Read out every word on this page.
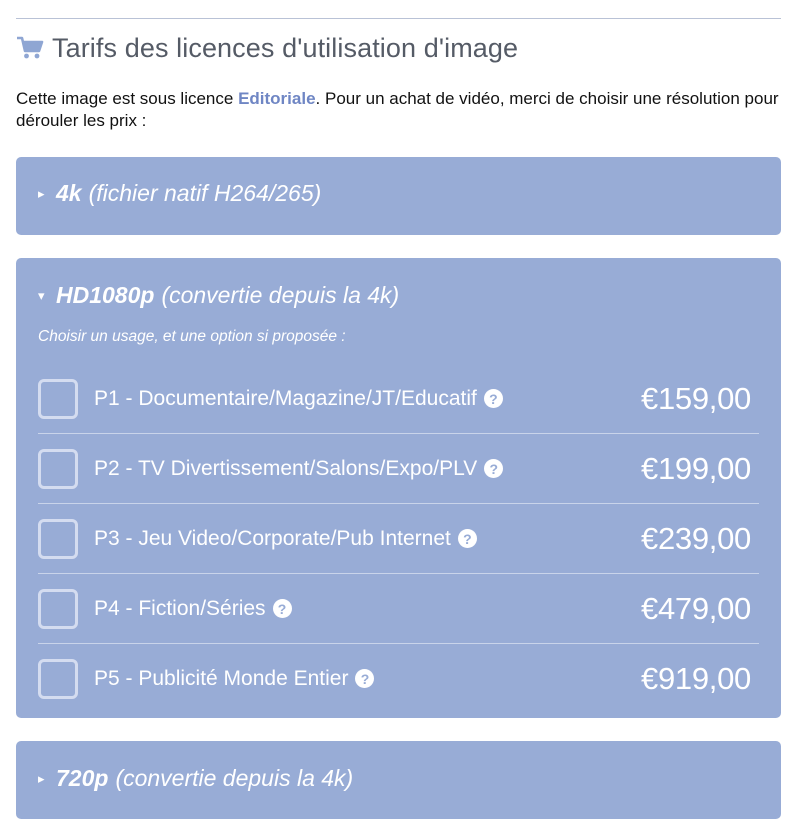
Tarifs des licences d'utilisation d'image
Cette image est sous licence Editoriale. Pour un achat de vidéo, merci de choisir une résolution pour dérouler les prix :
▸ 4k (fichier natif H264/265)
▾ HD1080p (convertie depuis la 4k)
Choisir un usage, et une option si proposée :
P1 - Documentaire/Magazine/JT/Educatif ?	€159,00
P2 - TV Divertissement/Salons/Expo/PLV ?	€199,00
P3 - Jeu Video/Corporate/Pub Internet ?	€239,00
P4 - Fiction/Séries ?	€479,00
P5 - Publicité Monde Entier ?	€919,00
▸ 720p (convertie depuis la 4k)
